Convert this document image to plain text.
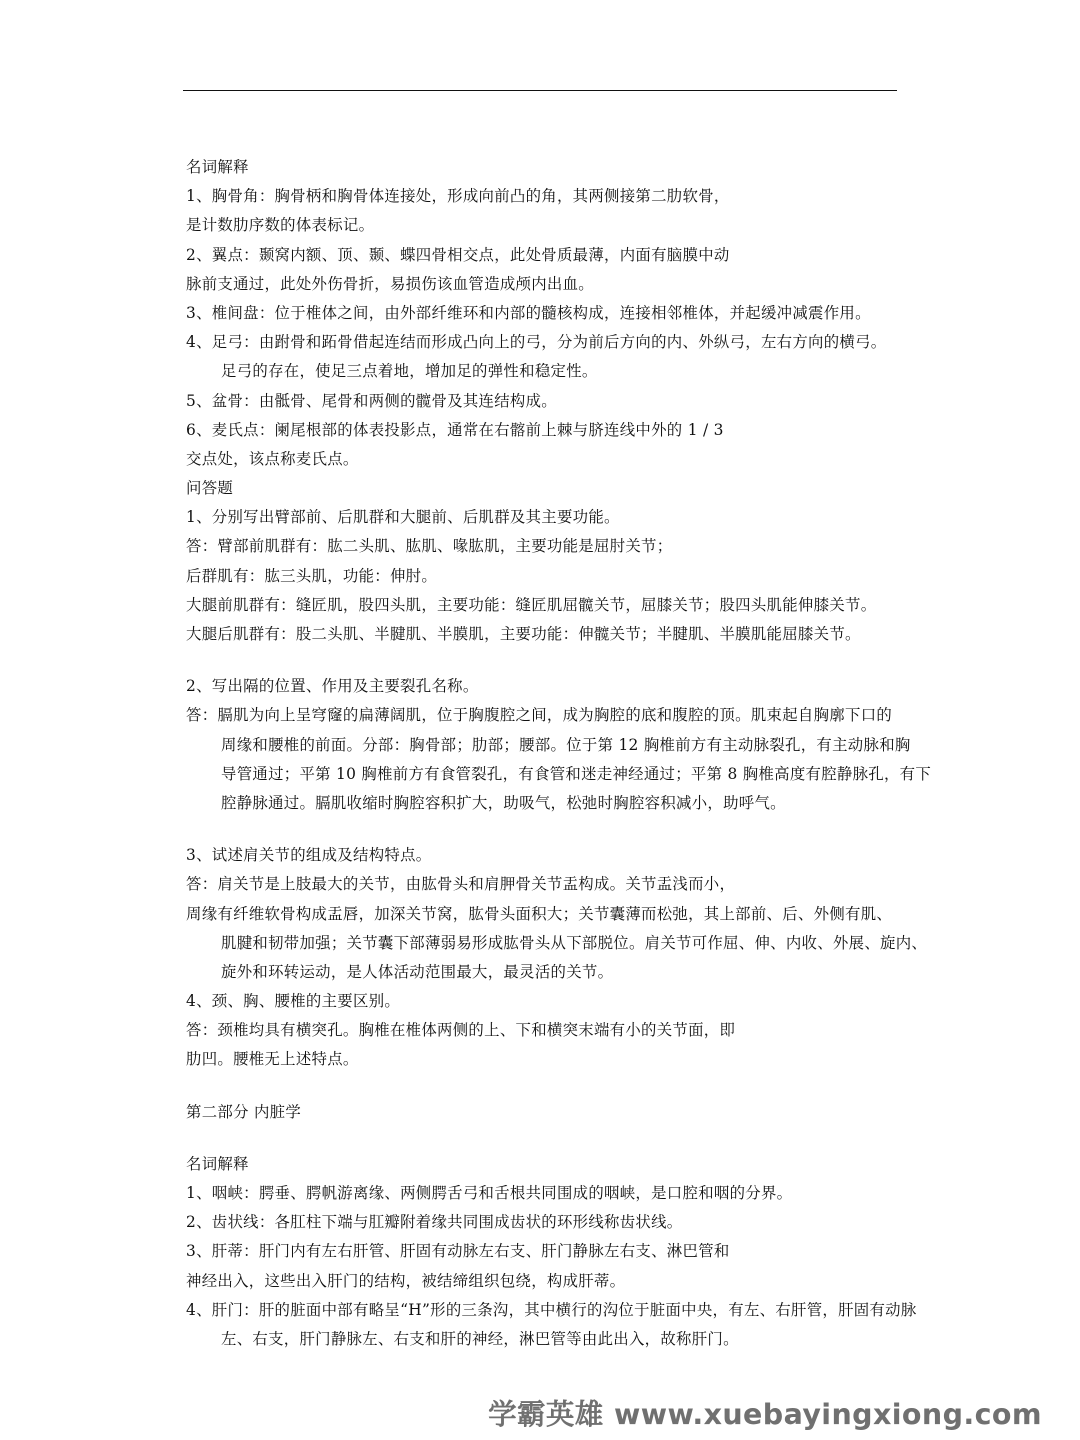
名词解释
1、胸骨角：胸骨柄和胸骨体连接处，形成向前凸的角，其两侧接第二肋软骨，
是计数肋序数的体表标记。
2、翼点：颞窝内额、顶、颞、蝶四骨相交点，此处骨质最薄，内面有脑膜中动
脉前支通过，此处外伤骨折，易损伤该血管造成颅内出血。
3、椎间盘：位于椎体之间，由外部纤维环和内部的髓核构成，连接相邻椎体，并起缓冲减震作用。
4、足弓：由跗骨和跖骨借起连结而形成凸向上的弓，分为前后方向的内、外纵弓，左右方向的横弓。
足弓的存在，使足三点着地，增加足的弹性和稳定性。
5、盆骨：由骶骨、尾骨和两侧的髋骨及其连结构成。
6、麦氏点：阑尾根部的体表投影点，通常在右髂前上棘与脐连线中外的 1 / 3
交点处，该点称麦氏点。
问答题
1、分别写出臂部前、后肌群和大腿前、后肌群及其主要功能。
答：臂部前肌群有：肱二头肌、肱肌、喙肱肌，主要功能是屈肘关节；
后群肌有：肱三头肌，功能：伸肘。
大腿前肌群有：缝匠肌，股四头肌，主要功能：缝匠肌屈髋关节，屈膝关节；股四头肌能伸膝关节。
大腿后肌群有：股二头肌、半腱肌、半膜肌，主要功能：伸髋关节；半腱肌、半膜肌能屈膝关节。
2、写出隔的位置、作用及主要裂孔名称。
答：膈肌为向上呈穹窿的扁薄阔肌，位于胸腹腔之间，成为胸腔的底和腹腔的顶。肌束起自胸廓下口的
周缘和腰椎的前面。分部：胸骨部；肋部；腰部。位于第 12 胸椎前方有主动脉裂孔，有主动脉和胸
导管通过；平第 10 胸椎前方有食管裂孔，有食管和迷走神经通过；平第 8 胸椎高度有腔静脉孔，有下
腔静脉通过。膈肌收缩时胸腔容积扩大，助吸气，松弛时胸腔容积减小，助呼气。
3、试述肩关节的组成及结构特点。
答：肩关节是上肢最大的关节，由肱骨头和肩胛骨关节盂构成。关节盂浅而小，
周缘有纤维软骨构成盂唇，加深关节窝，肱骨头面积大；关节囊薄而松弛，其上部前、后、外侧有肌、
肌腱和韧带加强；关节囊下部薄弱易形成肱骨头从下部脱位。肩关节可作屈、伸、内收、外展、旋内、
旋外和环转运动，是人体活动范围最大，最灵活的关节。
4、颈、胸、腰椎的主要区别。
答：颈椎均具有横突孔。胸椎在椎体两侧的上、下和横突末端有小的关节面，即
肋凹。腰椎无上述特点。
第二部分 内脏学
名词解释
1、咽峡：腭垂、腭帆游离缘、两侧腭舌弓和舌根共同围成的咽峡，是口腔和咽的分界。
2、齿状线：各肛柱下端与肛瓣附着缘共同围成齿状的环形线称齿状线。
3、肝蒂：肝门内有左右肝管、肝固有动脉左右支、肝门静脉左右支、淋巴管和
神经出入，这些出入肝门的结构，被结缔组织包绕，构成肝蒂。
4、肝门：肝的脏面中部有略呈“H”形的三条沟，其中横行的沟位于脏面中央，有左、右肝管，肝固有动脉
左、右支，肝门静脉左、右支和肝的神经，淋巴管等由此出入，故称肝门。
学霸英雄 www.xuebayingxiong.com
